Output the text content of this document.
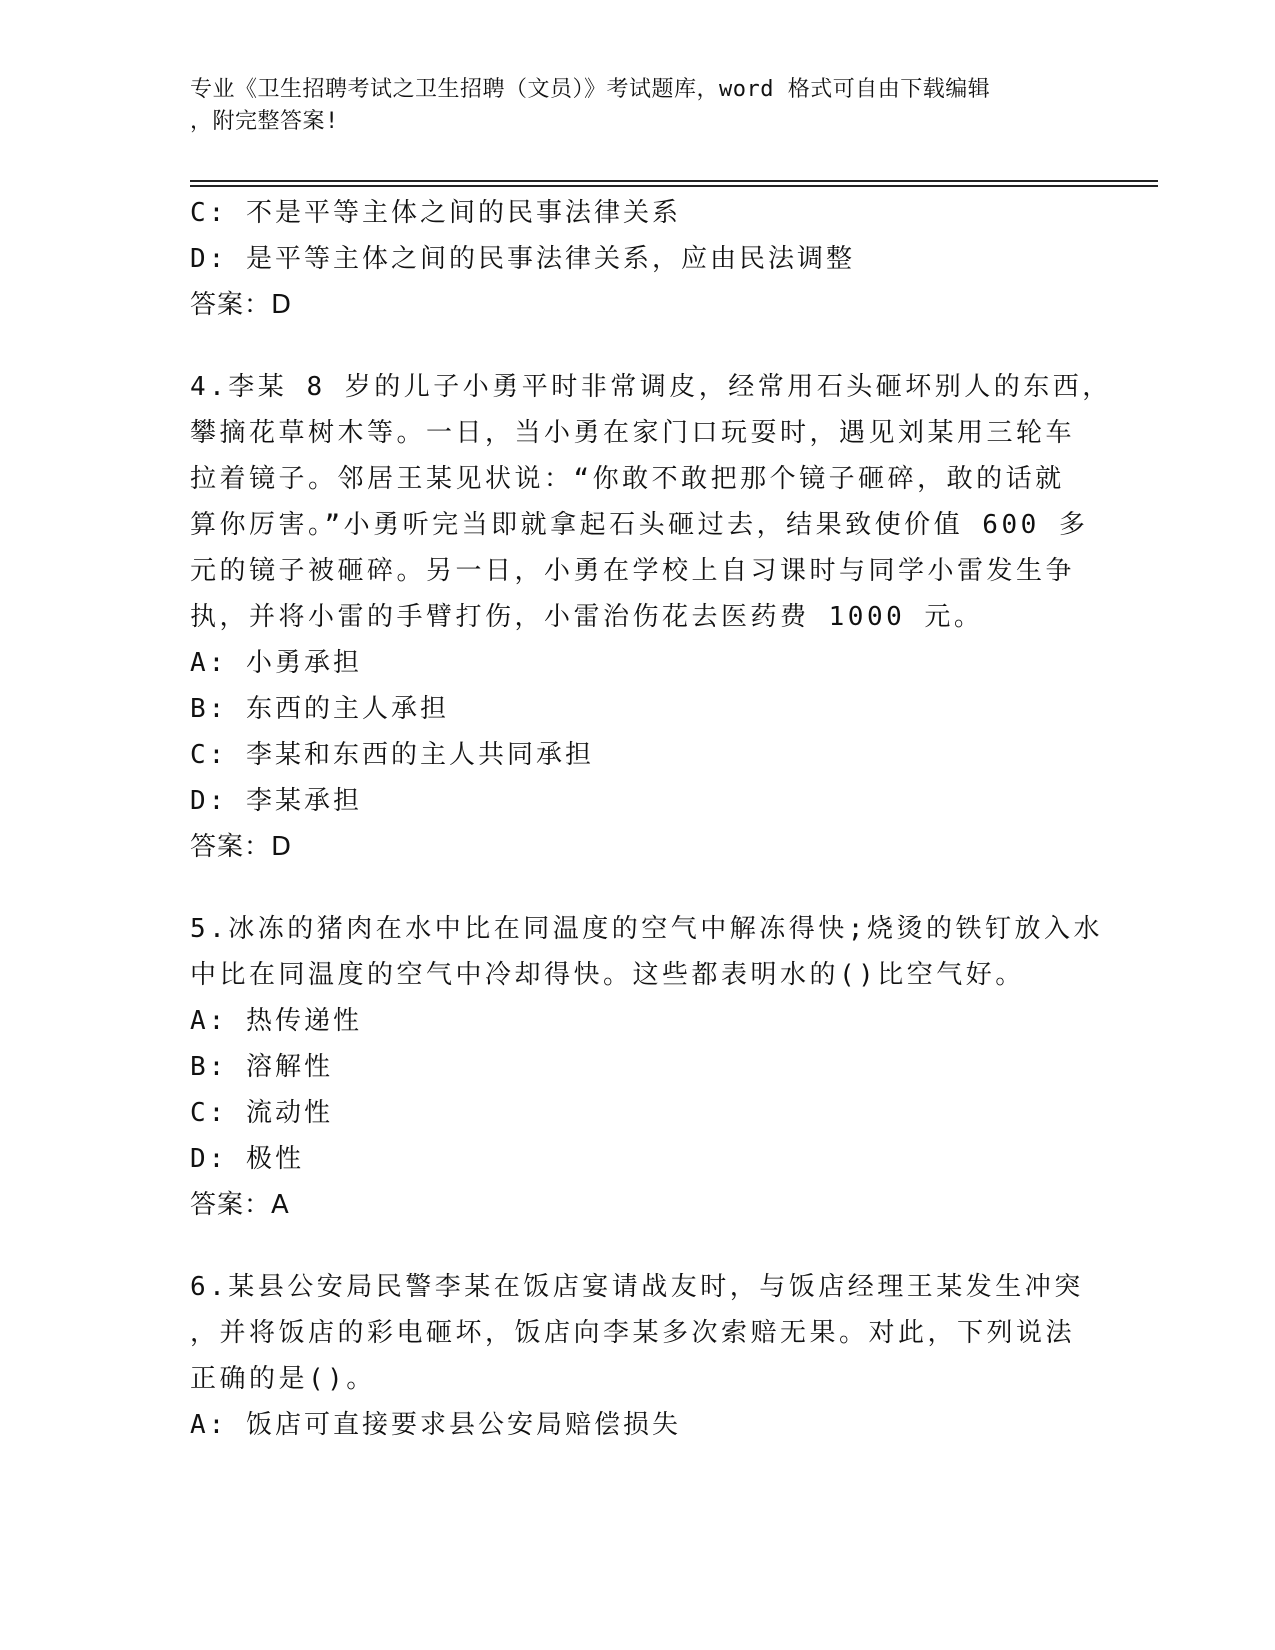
专业《卫生招聘考试之卫生招聘（文员）》考试题库，word 格式可自由下载编辑
，附完整答案!
C: 不是平等主体之间的民事法律关系
D: 是平等主体之间的民事法律关系，应由民法调整
答案：D
4.李某 8 岁的儿子小勇平时非常调皮，经常用石头砸坏别人的东西，
攀摘花草树木等。一日，当小勇在家门口玩耍时，遇见刘某用三轮车
拉着镜子。邻居王某见状说：“你敢不敢把那个镜子砸碎，敢的话就
算你厉害。”小勇听完当即就拿起石头砸过去，结果致使价值 600 多
元的镜子被砸碎。另一日，小勇在学校上自习课时与同学小雷发生争
执，并将小雷的手臂打伤，小雷治伤花去医药费 1000 元。
A: 小勇承担
B: 东西的主人承担
C: 李某和东西的主人共同承担
D: 李某承担
答案：D
5.冰冻的猪肉在水中比在同温度的空气中解冻得快;烧烫的铁钉放入水
中比在同温度的空气中冷却得快。这些都表明水的()比空气好。
A: 热传递性
B: 溶解性
C: 流动性
D: 极性
答案：A
6.某县公安局民警李某在饭店宴请战友时，与饭店经理王某发生冲突
，并将饭店的彩电砸坏，饭店向李某多次索赔无果。对此，下列说法
正确的是()。
A: 饭店可直接要求县公安局赔偿损失
